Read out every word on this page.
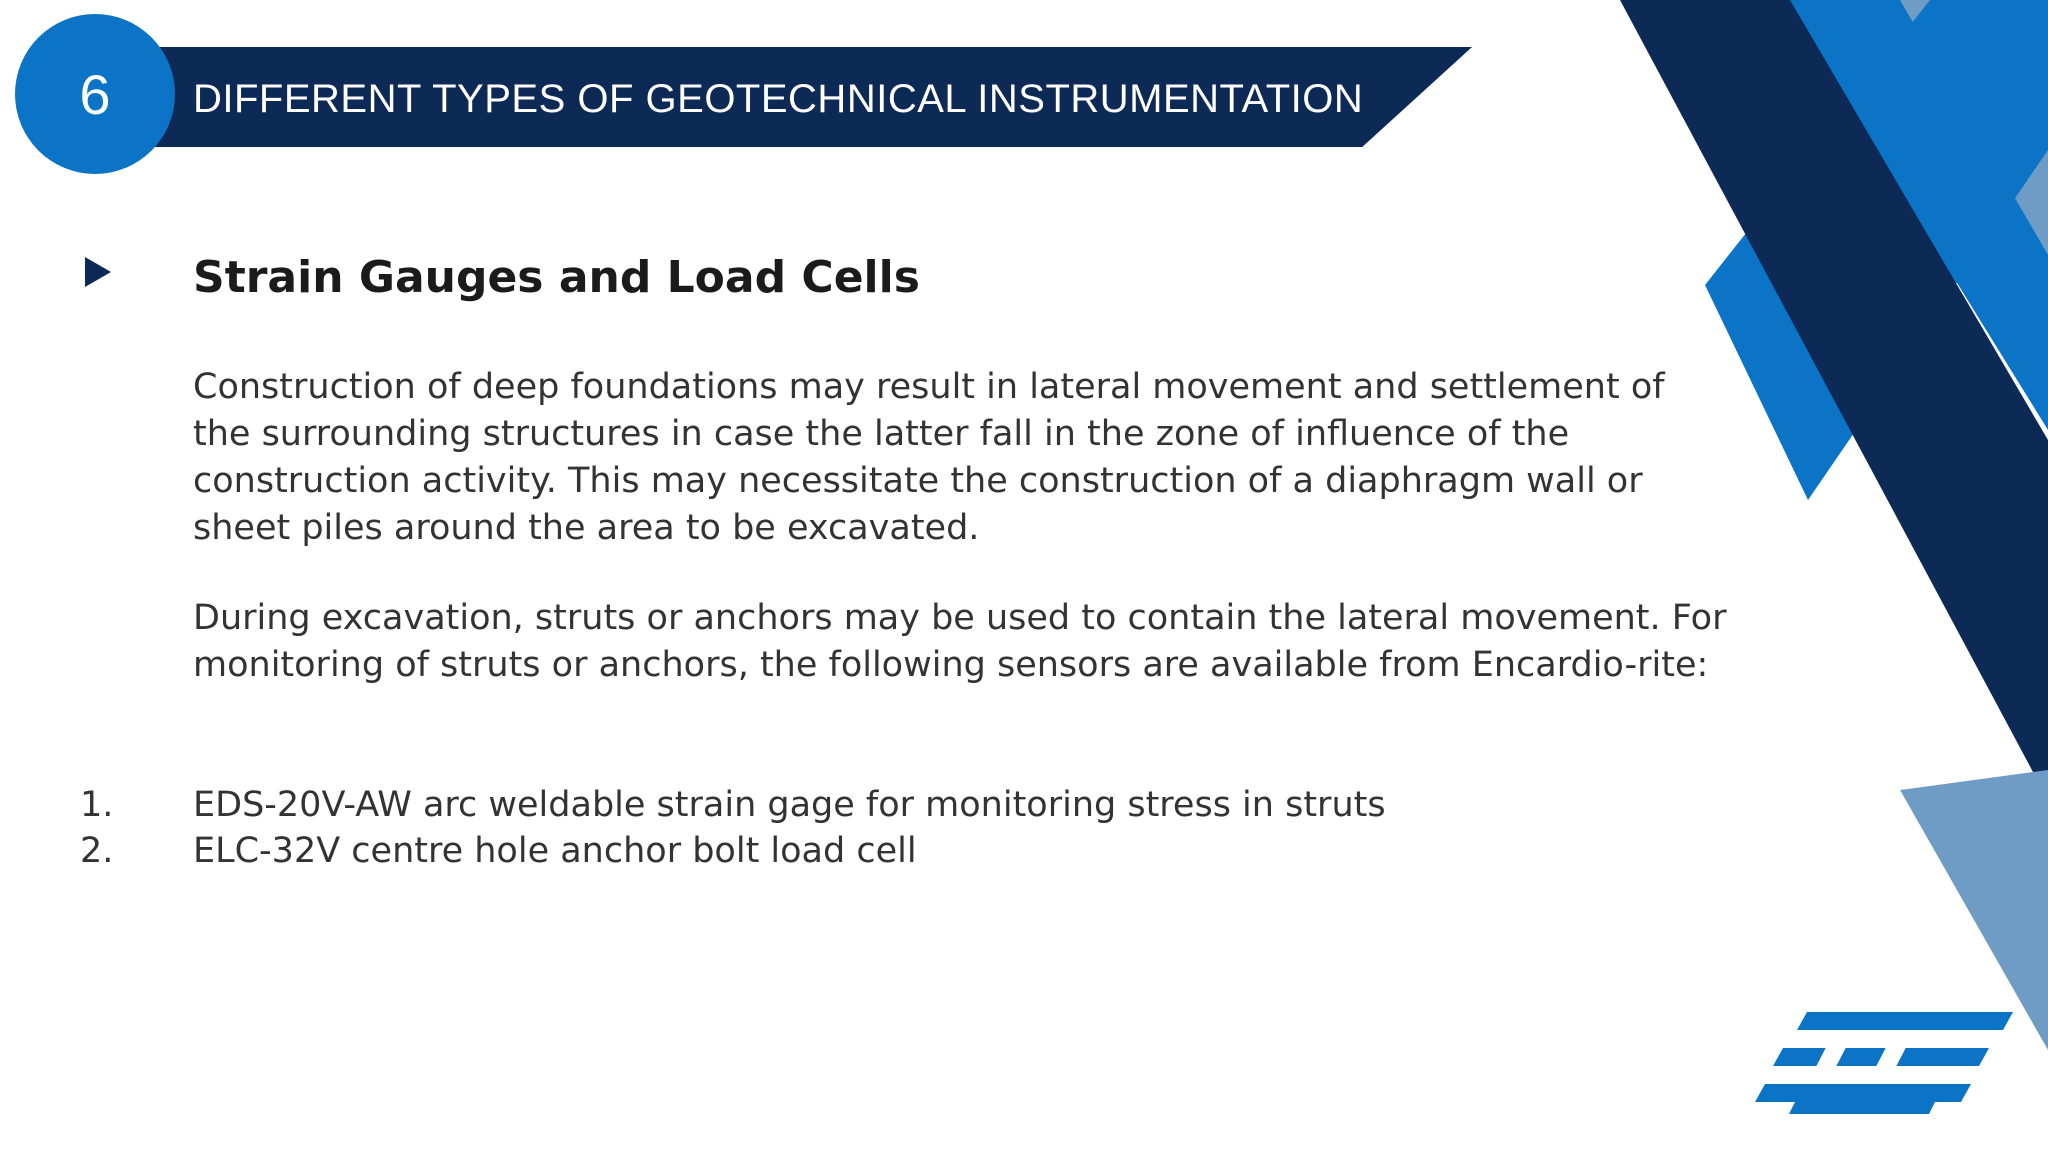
DIFFERENT TYPES OF GEOTECHNICAL INSTRUMENTATION
6
Strain Gauges and Load Cells

Construction of deep foundations may result in lateral movement and settlement of the surrounding structures in case the latter fall in the zone of influence of the construction activity. This may necessitate the construction of a diaphragm wall or sheet piles around the area to be excavated.

During excavation, struts or anchors may be used to contain the lateral movement. For monitoring of struts or anchors, the following sensors are available from Encardio-rite:

1. EDS-20V-AW arc weldable strain gage for monitoring stress in struts
2. ELC-32V centre hole anchor bolt load cell
